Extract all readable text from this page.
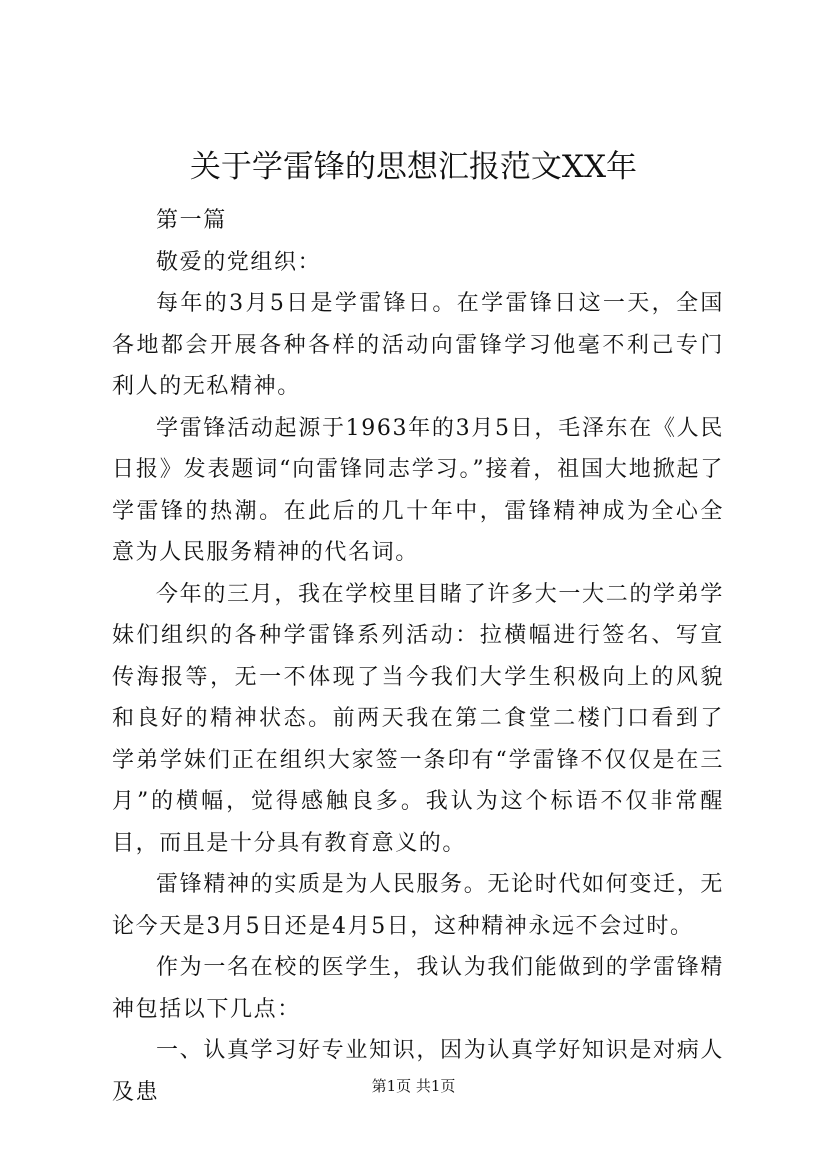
关于学雷锋的思想汇报范文XX年

第一篇

敬爱的党组织：

每年的3月5日是学雷锋日。在学雷锋日这一天，全国各地都会开展各种各样的活动向雷锋学习他毫不利己专门利人的无私精神。

学雷锋活动起源于1963年的3月5日，毛泽东在《人民日报》发表题词“向雷锋同志学习。”接着，祖国大地掀起了学雷锋的热潮。在此后的几十年中，雷锋精神成为全心全意为人民服务精神的代名词。

今年的三月，我在学校里目睹了许多大一大二的学弟学妹们组织的各种学雷锋系列活动：拉横幅进行签名、写宣传海报等，无一不体现了当今我们大学生积极向上的风貌和良好的精神状态。前两天我在第二食堂二楼门口看到了学弟学妹们正在组织大家签一条印有“学雷锋不仅仅是在三月”的横幅，觉得感触良多。我认为这个标语不仅非常醒目，而且是十分具有教育意义的。

雷锋精神的实质是为人民服务。无论时代如何变迁，无论今天是3月5日还是4月5日，这种精神永远不会过时。

作为一名在校的医学生，我认为我们能做到的学雷锋精神包括以下几点：

一、认真学习好专业知识，因为认真学好知识是对病人及患	第1页 共1页
